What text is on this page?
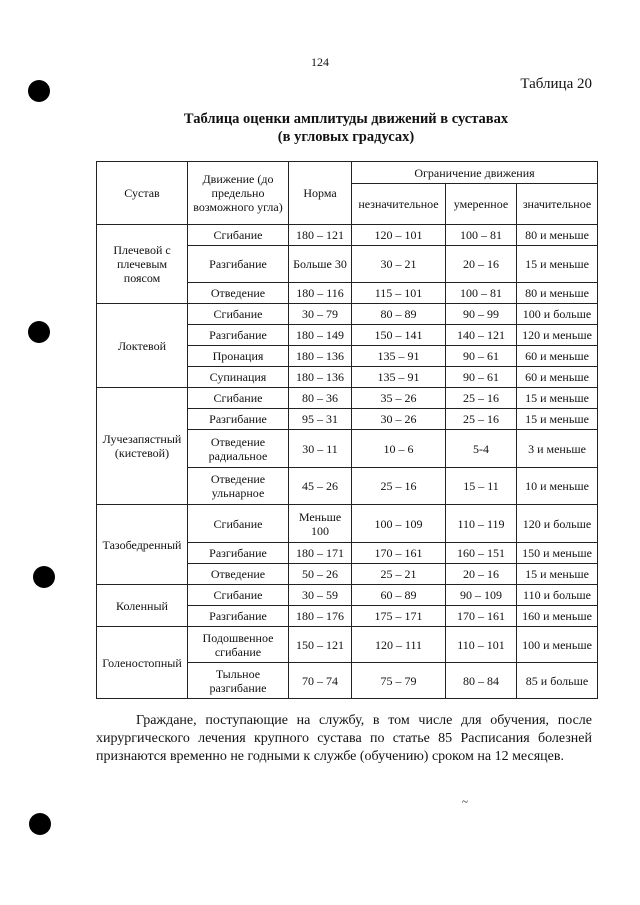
124
Таблица 20
Таблица оценки амплитуды движений в суставах
(в угловых градусах)
Сустав	Движение (до предельно возможного угла)	Норма	Ограничение движения		
			незначительное	умеренное	значительное
Плечевой с плечевым поясом	Сгибание	180 – 121	120 – 101	100 – 81	80 и меньше
	Разгибание	Больше 30	30 – 21	20 – 16	15 и меньше
	Отведение	180 – 116	115 – 101	100 – 81	80 и меньше
Локтевой	Сгибание	30 – 79	80 – 89	90 – 99	100 и больше
	Разгибание	180 – 149	150 – 141	140 – 121	120 и меньше
	Пронация	180 – 136	135 – 91	90 – 61	60 и меньше
	Супинация	180 – 136	135 – 91	90 – 61	60 и меньше
Лучезапястный (кистевой)	Сгибание	80 – 36	35 – 26	25 – 16	15 и меньше
	Разгибание	95 – 31	30 – 26	25 – 16	15 и меньше
	Отведение радиальное	30 – 11	10 – 6	5-4	3 и меньше
	Отведение ульнарное	45 – 26	25 – 16	15 – 11	10 и меньше
Тазобедренный	Сгибание	Меньше 100	100 – 109	110 – 119	120 и больше
	Разгибание	180 – 171	170 – 161	160 – 151	150 и меньше
	Отведение	50 – 26	25 – 21	20 – 16	15 и меньше
Коленный	Сгибание	30 – 59	60 – 89	90 – 109	110 и больше
	Разгибание	180 – 176	175 – 171	170 – 161	160 и меньше
Голеностопный	Подошвенное сгибание	150 – 121	120 – 111	110 – 101	100 и меньше
	Тыльное разгибание	70 – 74	75 – 79	80 – 84	85 и больше
Граждане, поступающие на службу, в том числе для обучения, после хирургического лечения крупного сустава по статье 85 Расписания болезней признаются временно не годными к службе (обучению) сроком на 12 месяцев.
~
